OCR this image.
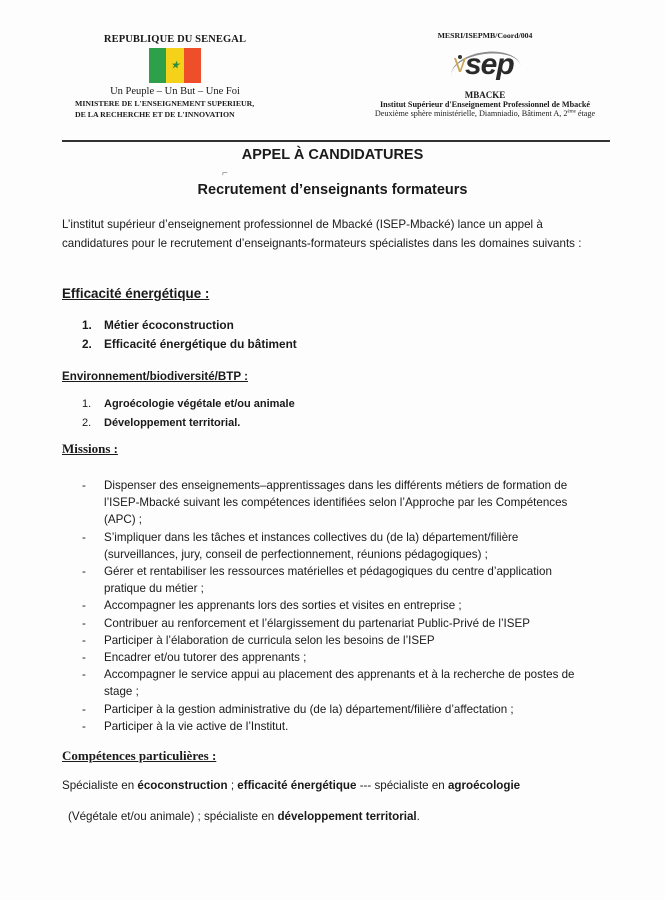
REPUBLIQUE DU SENEGAL
★
Un Peuple – Un But – Une Foi
MINISTERE DE L'ENSEIGNEMENT SUPERIEUR,
DE LA RECHERCHE ET DE L'INNOVATION
MESRI/ISEPMB/Coord/004
sep
MBACKE
Institut Supérieur d'Enseignement Professionnel de Mbacké
Deuxième sphère ministérielle, Diamniadio, Bâtiment A, 2ème étage
APPEL À CANDIDATURES
⌐
Recrutement d’enseignants formateurs
L’institut supérieur d’enseignement professionnel de Mbacké (ISEP-Mbacké) lance un appel à candidatures pour le recrutement d’enseignants-formateurs spécialistes dans les domaines suivants :
Efficacité énergétique :
1. Métier écoconstruction
2. Efficacité énergétique du bâtiment
Environnement/biodiversité/BTP :
1. Agroécologie végétale et/ou animale
2. Développement territorial.
Missions :
-	Dispenser des enseignements–apprentissages dans les différents métiers de formation de l’ISEP-Mbacké suivant les compétences identifiées selon l’Approche par les Compétences (APC) ;
-	S’impliquer dans les tâches et instances collectives du (de la) département/filière (surveillances, jury, conseil de perfectionnement, réunions pédagogiques) ;
-	Gérer et rentabiliser les ressources matérielles et pédagogiques du centre d’application pratique du métier ;
-	Accompagner les apprenants lors des sorties et visites en entreprise ;
-	Contribuer au renforcement et l’élargissement du partenariat Public-Privé de l’ISEP
-	Participer à l’élaboration de curricula selon les besoins de l’ISEP
-	Encadrer et/ou tutorer des apprenants ;
-	Accompagner le service appui au placement des apprenants et à la recherche de postes de stage ;
-	Participer à la gestion administrative du (de la) département/filière d’affectation ;
-	Participer à la vie active de l’Institut.
Compétences particulières :
Spécialiste en écoconstruction ; efficacité énergétique --- spécialiste en agroécologie
(Végétale et/ou animale) ; spécialiste en développement territorial.
